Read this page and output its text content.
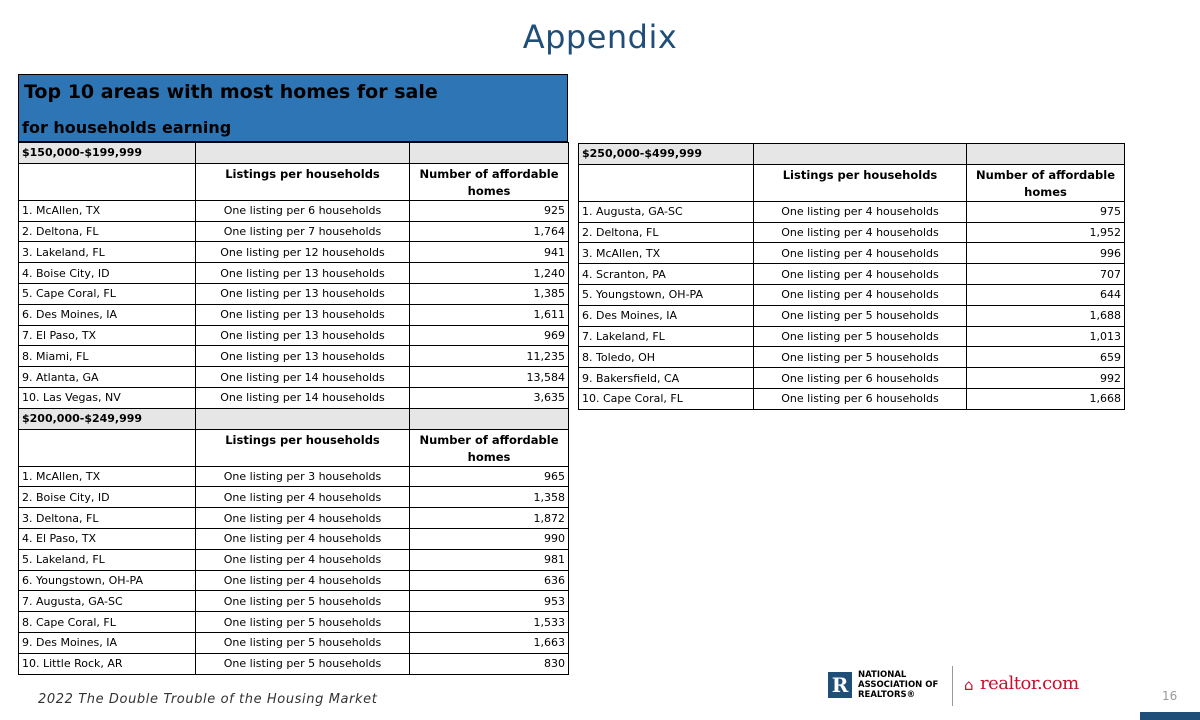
Appendix
Top 10 areas with most homes for sale
for households earning
$150,000-$199,999		
	Listings per households	Number of affordable homes
1. McAllen, TX	One listing per 6 households	925
2. Deltona, FL	One listing per 7 households	1,764
3. Lakeland, FL	One listing per 12 households	941
4. Boise City, ID	One listing per 13 households	1,240
5. Cape Coral, FL	One listing per 13 households	1,385
6. Des Moines, IA	One listing per 13 households	1,611
7. El Paso, TX	One listing per 13 households	969
8. Miami, FL	One listing per 13 households	11,235
9. Atlanta, GA	One listing per 14 households	13,584
10. Las Vegas, NV	One listing per 14 households	3,635
$200,000-$249,999		
	Listings per households	Number of affordable homes
1. McAllen, TX	One listing per 3 households	965
2. Boise City, ID	One listing per 4 households	1,358
3. Deltona, FL	One listing per 4 households	1,872
4. El Paso, TX	One listing per 4 households	990
5. Lakeland, FL	One listing per 4 households	981
6. Youngstown, OH-PA	One listing per 4 households	636
7. Augusta, GA-SC	One listing per 5 households	953
8. Cape Coral, FL	One listing per 5 households	1,533
9. Des Moines, IA	One listing per 5 households	1,663
10. Little Rock, AR	One listing per 5 households	830
$250,000-$499,999		
	Listings per households	Number of affordable homes
1. Augusta, GA-SC	One listing per 4 households	975
2. Deltona, FL	One listing per 4 households	1,952
3. McAllen, TX	One listing per 4 households	996
4. Scranton, PA	One listing per 4 households	707
5. Youngstown, OH-PA	One listing per 4 households	644
6. Des Moines, IA	One listing per 5 households	1,688
7. Lakeland, FL	One listing per 5 households	1,013
8. Toledo, OH	One listing per 5 households	659
9. Bakersfield, CA	One listing per 6 households	992
10. Cape Coral, FL	One listing per 6 households	1,668
2022 The Double Trouble of the Housing Market
R	NATIONAL ASSOCIATION OF REALTORS®
⌂ realtor.com
16
